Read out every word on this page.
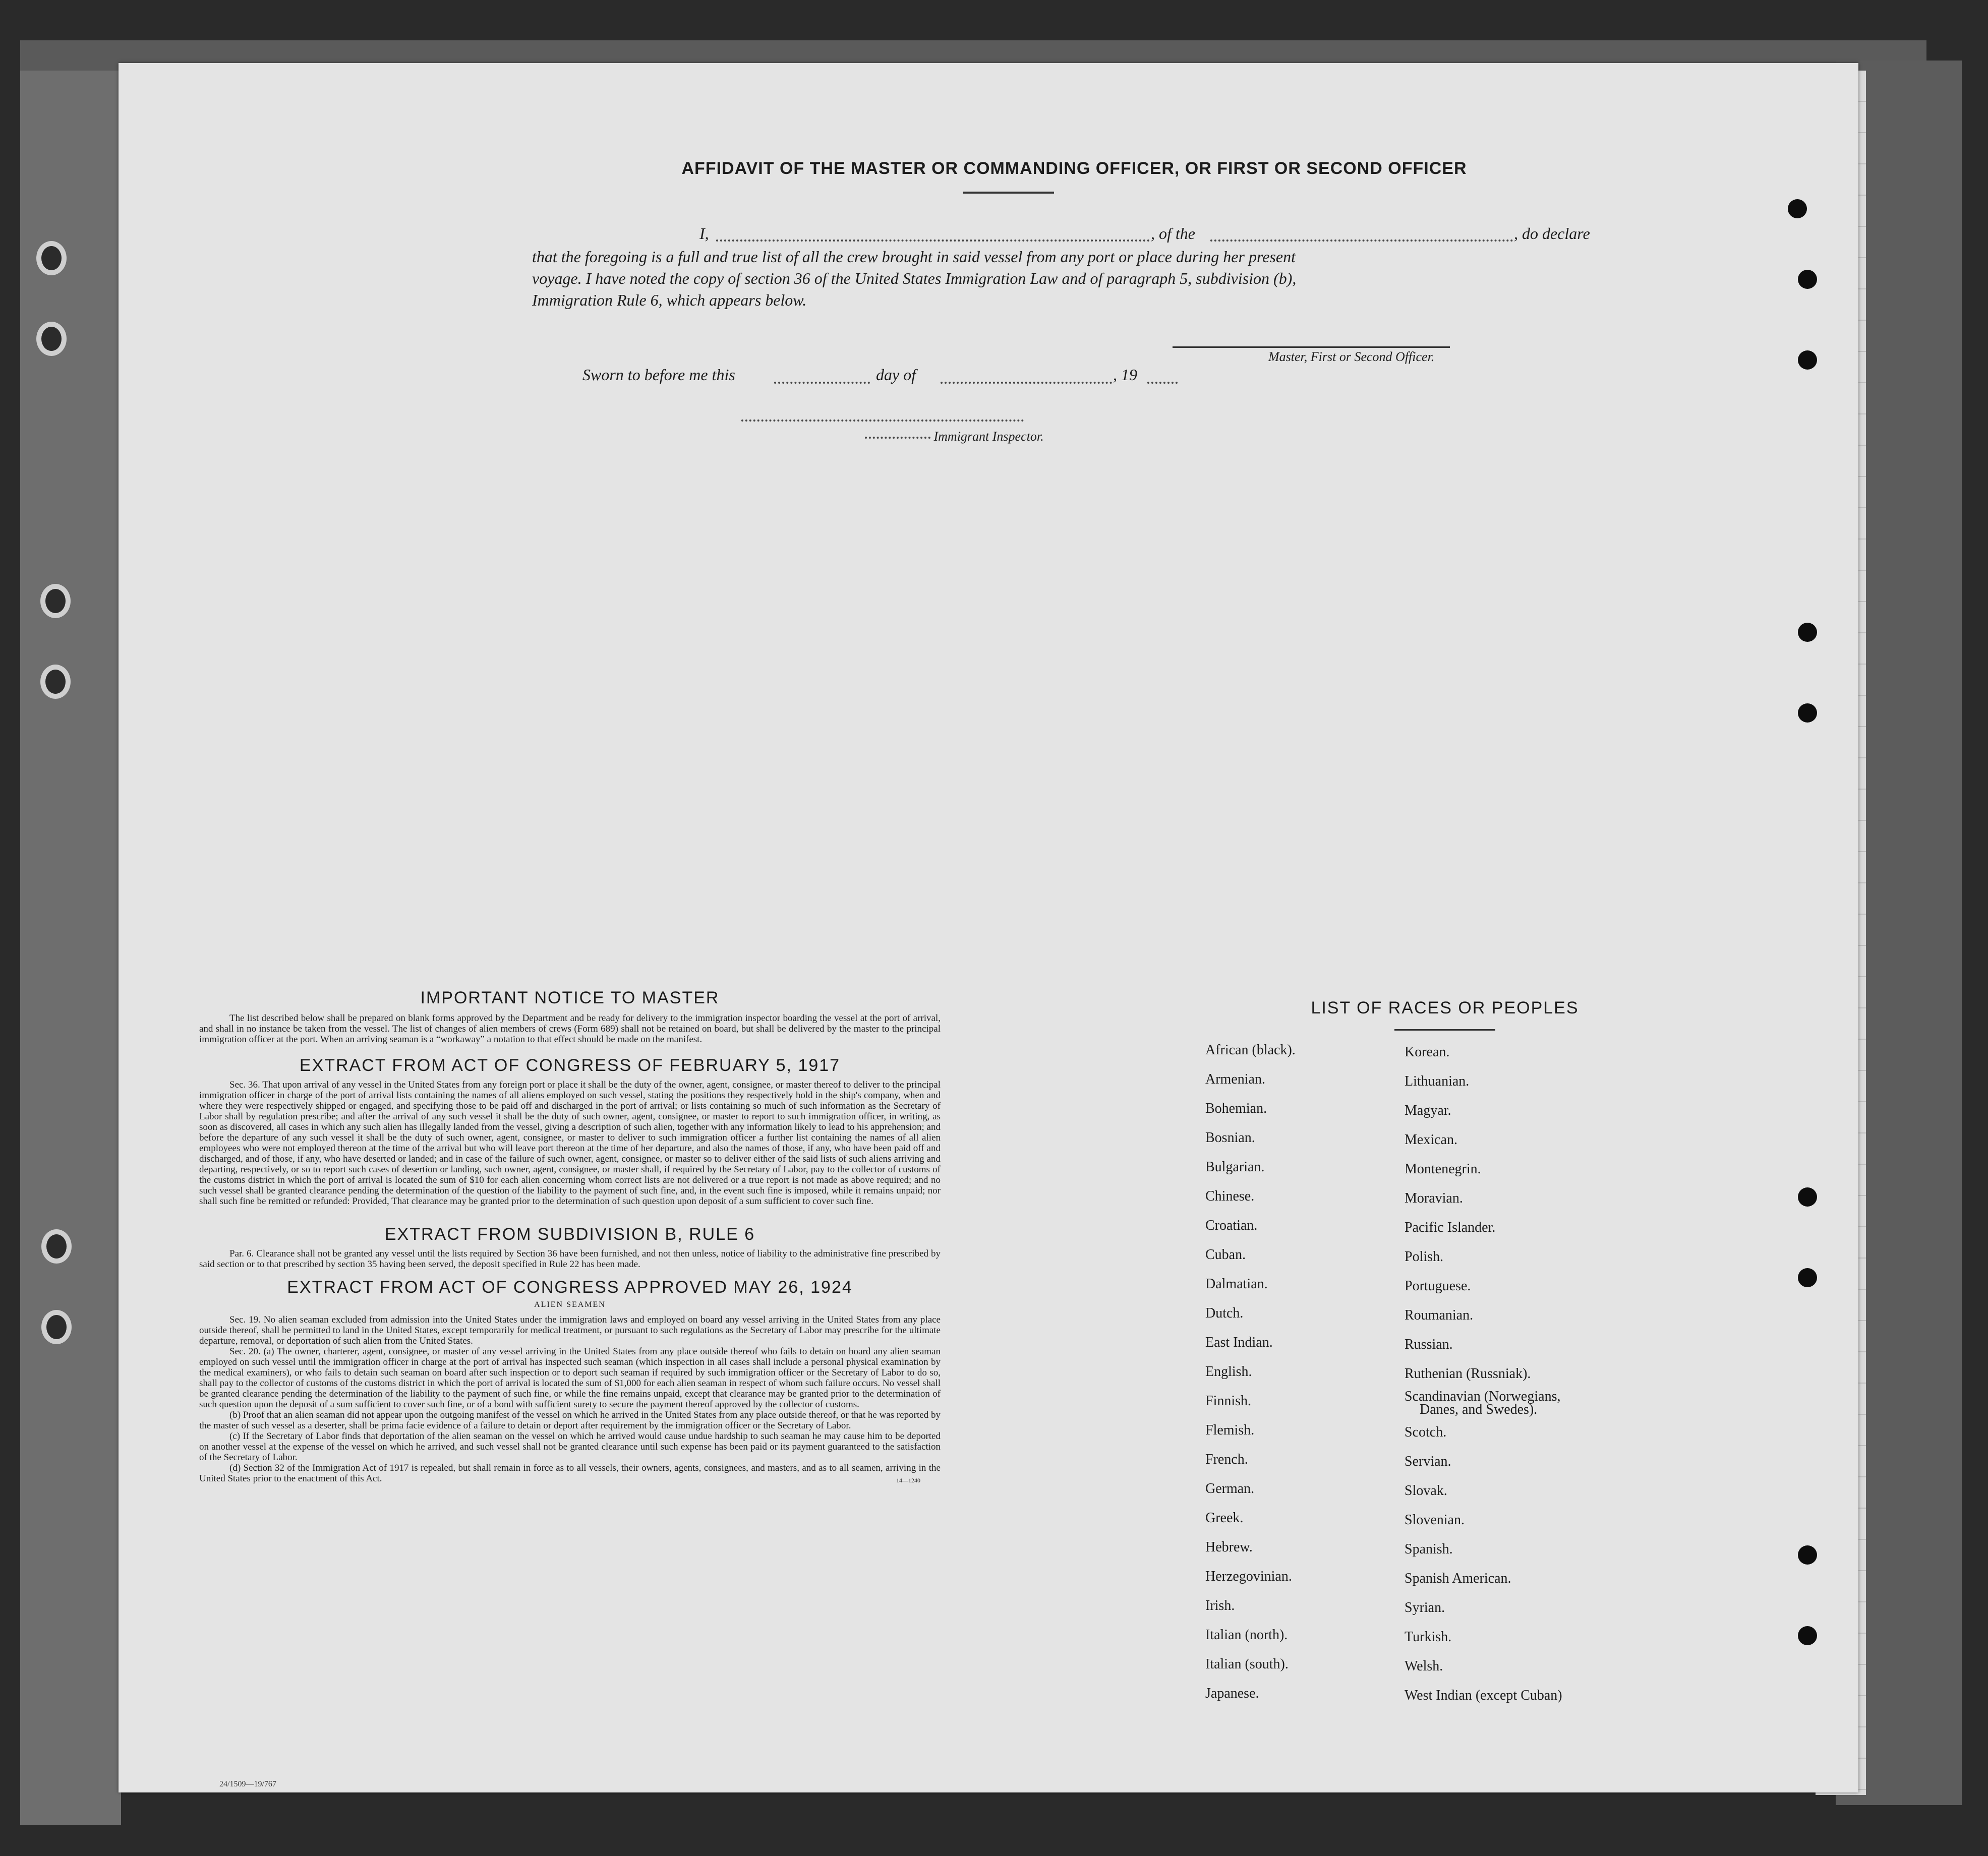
AFFIDAVIT OF THE MASTER OR COMMANDING OFFICER, OR FIRST OR SECOND OFFICER
I,	, of the	, do declare
that the foregoing is a full and true list of all the crew brought in said vessel from any port or place during her present
voyage. I have noted the copy of section 36 of the United States Immigration Law and of paragraph 5, subdivision (b),
Immigration Rule 6, which appears below.
Master, First or Second Officer.
Sworn to before me this	day of	, 19
Immigrant Inspector.
IMPORTANT NOTICE TO MASTER
The list described below shall be prepared on blank forms approved by the Department and be ready for delivery to the immigration inspector boarding the vessel at the port of arrival, and shall in no instance be taken from the vessel. The list of changes of alien members of crews (Form 689) shall not be retained on board, but shall be delivered by the master to the principal immigration officer at the port. When an arriving seaman is a “workaway” a notation to that effect should be made on the manifest.
EXTRACT FROM ACT OF CONGRESS OF FEBRUARY 5, 1917
Sec. 36. That upon arrival of any vessel in the United States from any foreign port or place it shall be the duty of the owner, agent, consignee, or master thereof to deliver to the principal immigration officer in charge of the port of arrival lists containing the names of all aliens employed on such vessel, stating the positions they respectively hold in the ship's company, when and where they were respectively shipped or engaged, and specifying those to be paid off and discharged in the port of arrival; or lists containing so much of such information as the Secretary of Labor shall by regulation prescribe; and after the arrival of any such vessel it shall be the duty of such owner, agent, consignee, or master to report to such immigration officer, in writing, as soon as discovered, all cases in which any such alien has illegally landed from the vessel, giving a description of such alien, together with any information likely to lead to his apprehension; and before the departure of any such vessel it shall be the duty of such owner, agent, consignee, or master to deliver to such immigration officer a further list containing the names of all alien employees who were not employed thereon at the time of the arrival but who will leave port thereon at the time of her departure, and also the names of those, if any, who have been paid off and discharged, and of those, if any, who have deserted or landed; and in case of the failure of such owner, agent, consignee, or master so to deliver either of the said lists of such aliens arriving and departing, respectively, or so to report such cases of desertion or landing, such owner, agent, consignee, or master shall, if required by the Secretary of Labor, pay to the collector of customs of the customs district in which the port of arrival is located the sum of $10 for each alien concerning whom correct lists are not delivered or a true report is not made as above required; and no such vessel shall be granted clearance pending the determination of the question of the liability to the payment of such fine, and, in the event such fine is imposed, while it remains unpaid; nor shall such fine be remitted or refunded: Provided, That clearance may be granted prior to the determination of such question upon deposit of a sum sufficient to cover such fine.
EXTRACT FROM SUBDIVISION B, RULE 6
Par. 6. Clearance shall not be granted any vessel until the lists required by Section 36 have been furnished, and not then unless, notice of liability to the administrative fine prescribed by said section or to that prescribed by section 35 having been served, the deposit specified in Rule 22 has been made.
EXTRACT FROM ACT OF CONGRESS APPROVED MAY 26, 1924
ALIEN SEAMEN
Sec. 19. No alien seaman excluded from admission into the United States under the immigration laws and employed on board any vessel arriving in the United States from any place outside thereof, shall be permitted to land in the United States, except temporarily for medical treatment, or pursuant to such regulations as the Secretary of Labor may prescribe for the ultimate departure, removal, or deportation of such alien from the United States.
Sec. 20. (a) The owner, charterer, agent, consignee, or master of any vessel arriving in the United States from any place outside thereof who fails to detain on board any alien seaman employed on such vessel until the immigration officer in charge at the port of arrival has inspected such seaman (which inspection in all cases shall include a personal physical examination by the medical examiners), or who fails to detain such seaman on board after such inspection or to deport such seaman if required by such immigration officer or the Secretary of Labor to do so, shall pay to the collector of customs of the customs district in which the port of arrival is located the sum of $1,000 for each alien seaman in respect of whom such failure occurs. No vessel shall be granted clearance pending the determination of the liability to the payment of such fine, or while the fine remains unpaid, except that clearance may be granted prior to the determination of such question upon the deposit of a sum sufficient to cover such fine, or of a bond with sufficient surety to secure the payment thereof approved by the collector of customs.
(b) Proof that an alien seaman did not appear upon the outgoing manifest of the vessel on which he arrived in the United States from any place outside thereof, or that he was reported by the master of such vessel as a deserter, shall be prima facie evidence of a failure to detain or deport after requirement by the immigration officer or the Secretary of Labor.
(c) If the Secretary of Labor finds that deportation of the alien seaman on the vessel on which he arrived would cause undue hardship to such seaman he may cause him to be deported on another vessel at the expense of the vessel on which he arrived, and such vessel shall not be granted clearance until such expense has been paid or its payment guaranteed to the satisfaction of the Secretary of Labor.
(d) Section 32 of the Immigration Act of 1917 is repealed, but shall remain in force as to all vessels, their owners, agents, consignees, and masters, and as to all seamen, arriving in the United States prior to the enactment of this Act.	14—1240
LIST OF RACES OR PEOPLES
African (black).
Armenian.
Bohemian.
Bosnian.
Bulgarian.
Chinese.
Croatian.
Cuban.
Dalmatian.
Dutch.
East Indian.
English.
Finnish.
Flemish.
French.
German.
Greek.
Hebrew.
Herzegovinian.
Irish.
Italian (north).
Italian (south).
Japanese.
Korean.
Lithuanian.
Magyar.
Mexican.
Montenegrin.
Moravian.
Pacific Islander.
Polish.
Portuguese.
Roumanian.
Russian.
Ruthenian (Russniak).
Scandinavian (Norwegians,
Danes, and Swedes).
Scotch.
Servian.
Slovak.
Slovenian.
Spanish.
Spanish American.
Syrian.
Turkish.
Welsh.
West Indian (except Cuban)
24/1509—19/767
